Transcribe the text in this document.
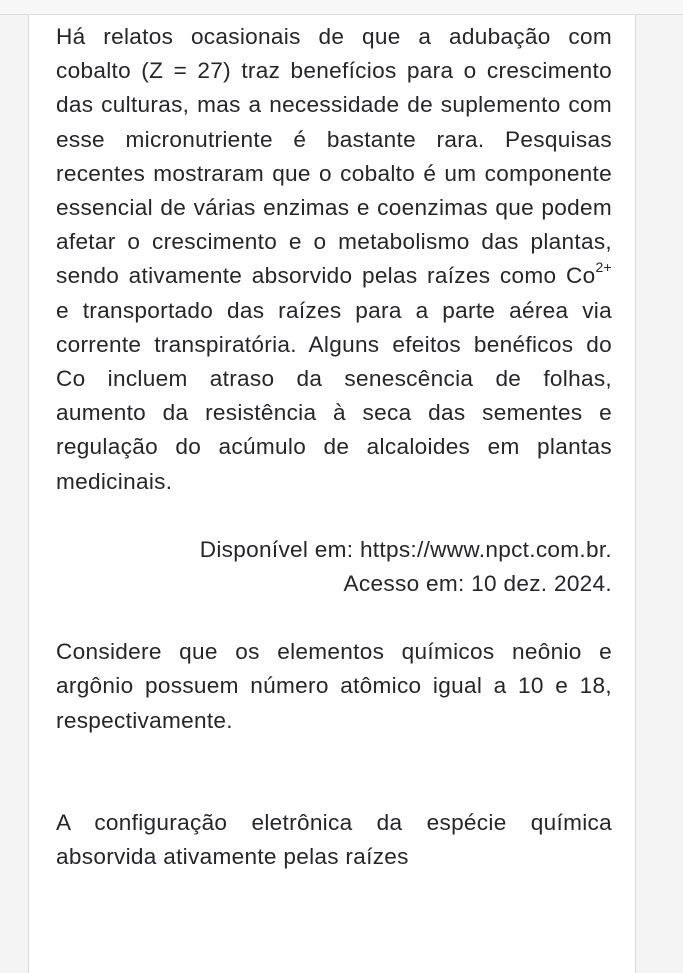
Há relatos ocasionais de que a adubação com cobalto (Z = 27) traz benefícios para o crescimento das culturas, mas a necessidade de suplemento com esse micronutriente é bastante rara. Pesquisas recentes mostraram que o cobalto é um componente essencial de várias enzimas e coenzimas que podem afetar o crescimento e o metabolismo das plantas, sendo ativamente absorvido pelas raízes como $Co^{2+}$ e transportado das raízes para a parte aérea via corrente transpiratória. Alguns efeitos benéficos do Co incluem atraso da senescência de folhas, aumento da resistência à seca das sementes e regulação do acúmulo de alcaloides em plantas medicinais.

Disponível em: https://www.npct.com.br.
Acesso em: 10 dez. 2024.

Considere que os elementos químicos neônio e argônio possuem número atômico igual a 10 e 18, respectivamente.

A configuração eletrônica da espécie química absorvida ativamente pelas raízes
